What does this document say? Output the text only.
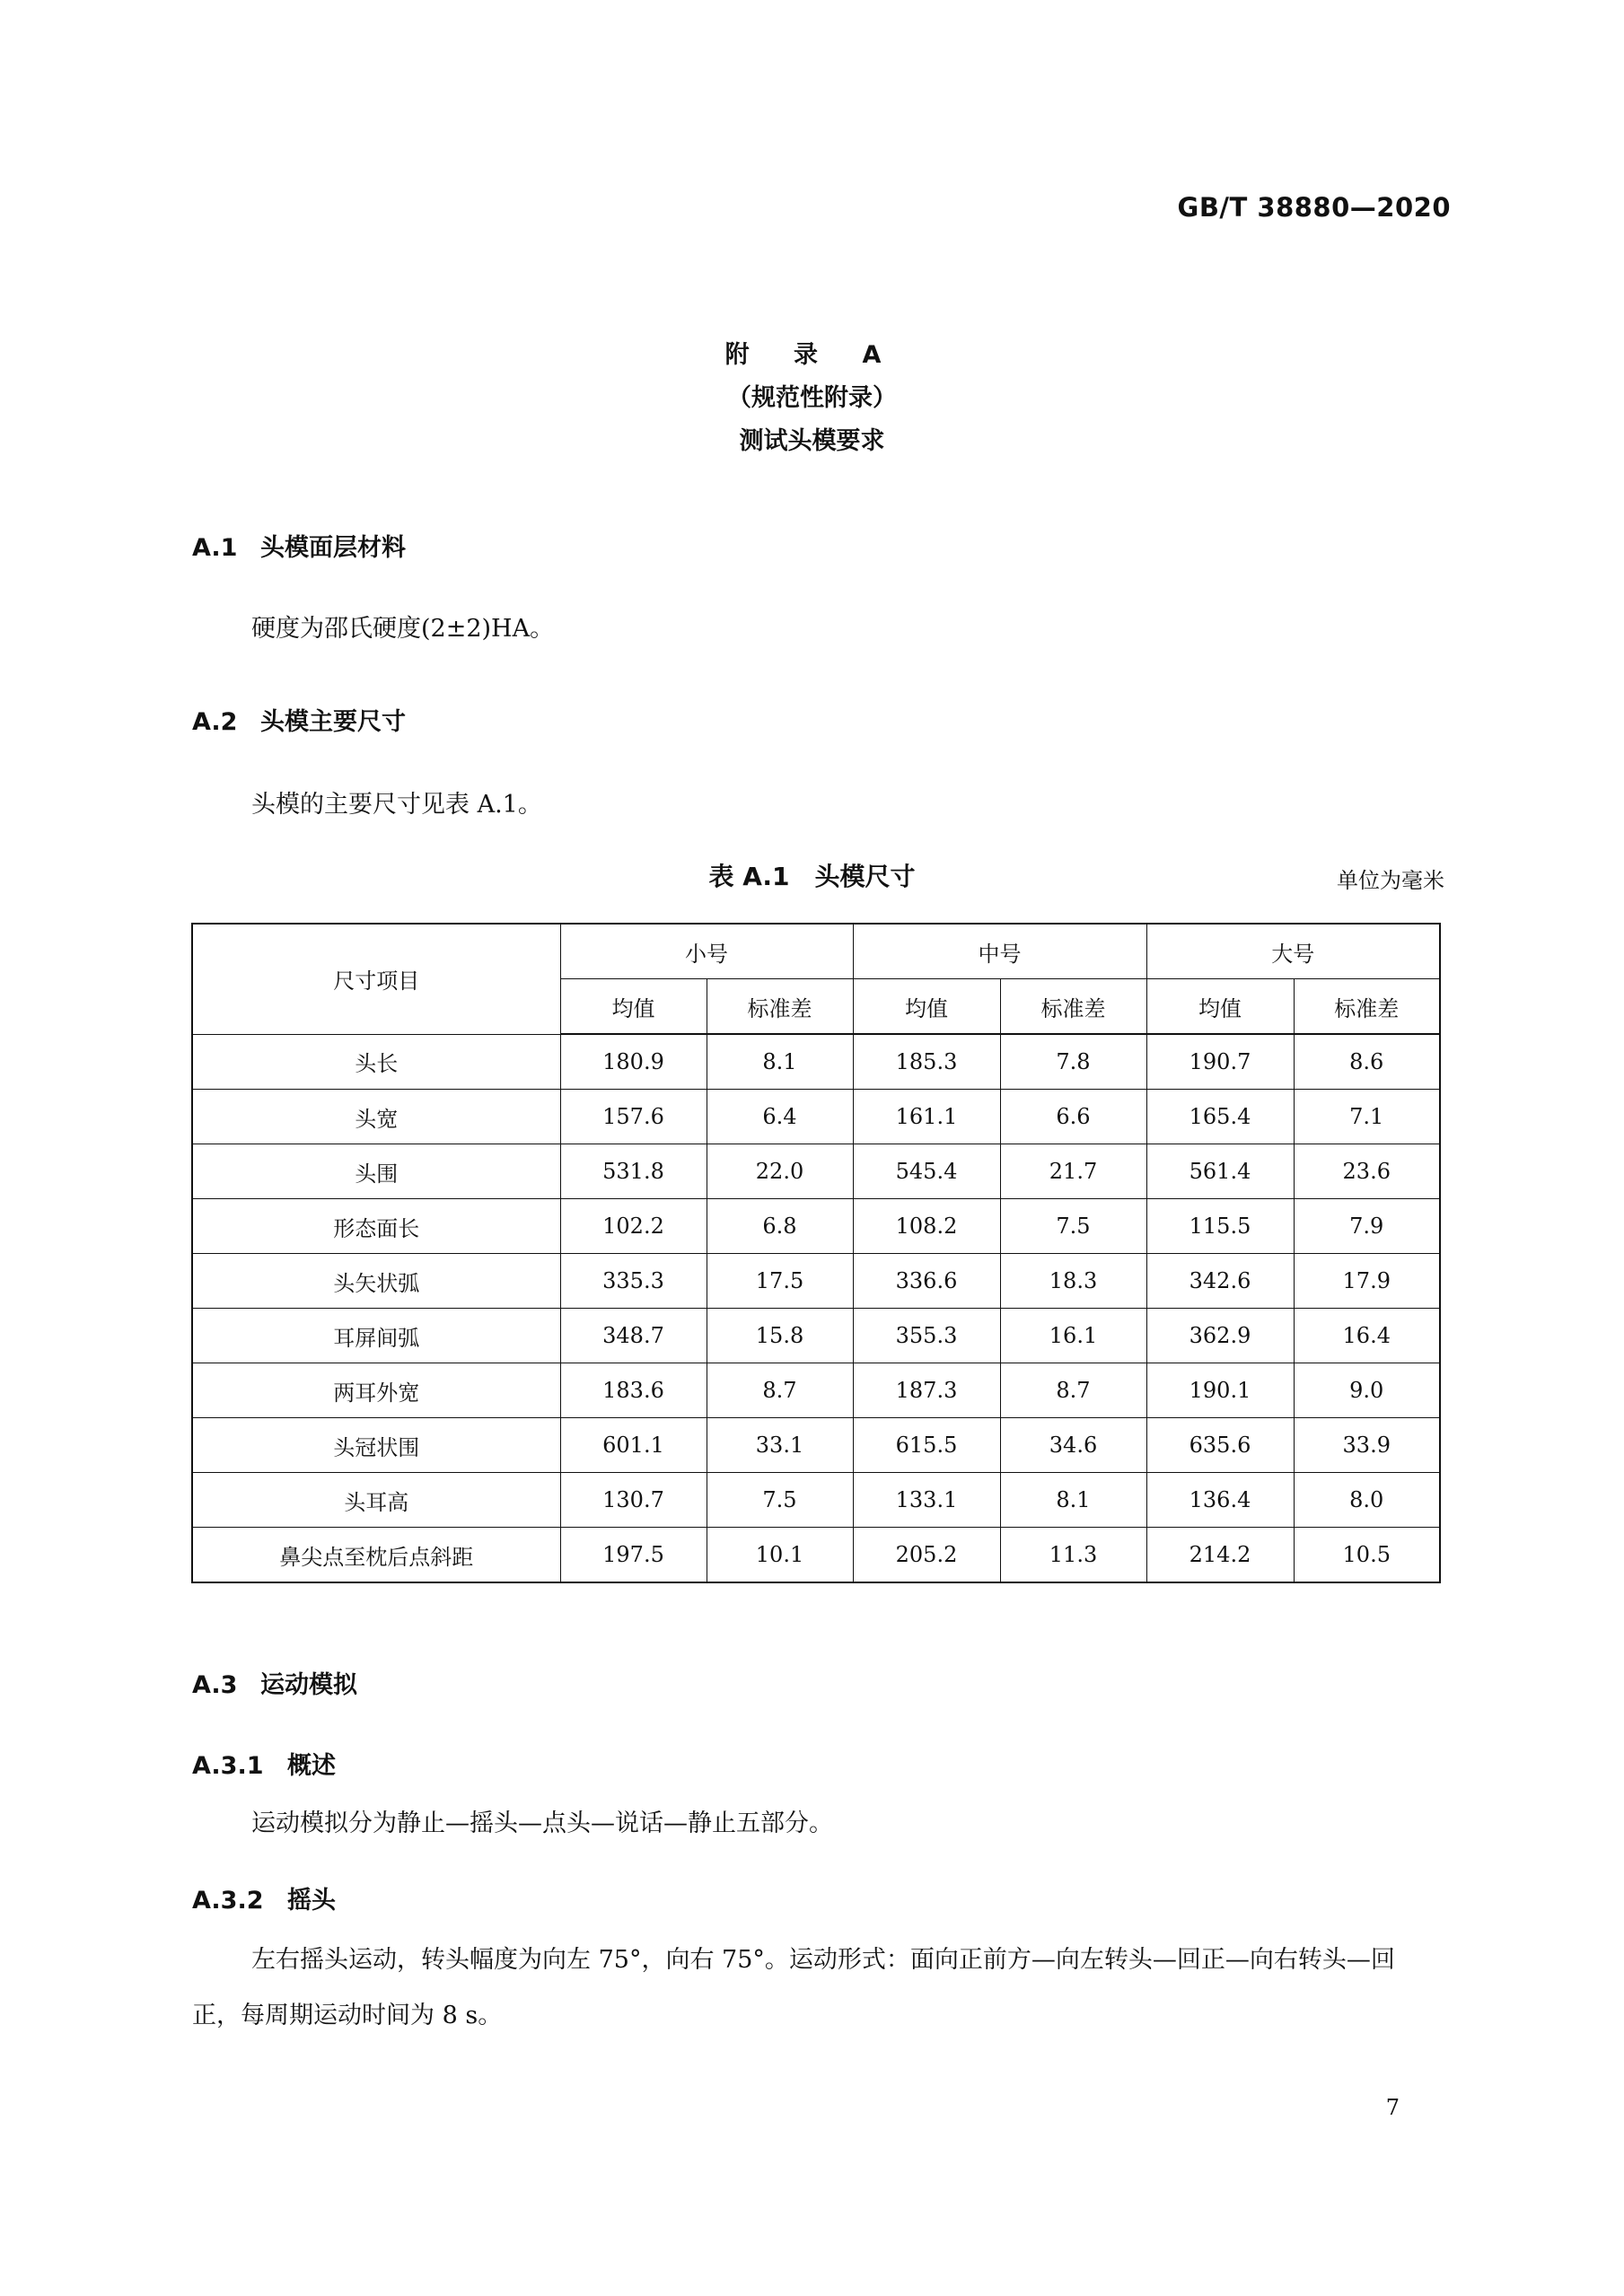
GB/T 38880—2020
附 录 A
（规范性附录）
测试头模要求
A.1 头模面层材料
硬度为邵氏硬度(2±2)HA。
A.2 头模主要尺寸
头模的主要尺寸见表 A.1。
表 A.1　头模尺寸	单位为毫米
尺寸项目	小号		中号		大号	
	均值	标准差	均值	标准差	均值	标准差
头长	180.9	8.1	185.3	7.8	190.7	8.6
头宽	157.6	6.4	161.1	6.6	165.4	7.1
头围	531.8	22.0	545.4	21.7	561.4	23.6
形态面长	102.2	6.8	108.2	7.5	115.5	7.9
头矢状弧	335.3	17.5	336.6	18.3	342.6	17.9
耳屏间弧	348.7	15.8	355.3	16.1	362.9	16.4
两耳外宽	183.6	8.7	187.3	8.7	190.1	9.0
头冠状围	601.1	33.1	615.5	34.6	635.6	33.9
头耳高	130.7	7.5	133.1	8.1	136.4	8.0
鼻尖点至枕后点斜距	197.5	10.1	205.2	11.3	214.2	10.5
A.3 运动模拟
A.3.1 概述
运动模拟分为静止—摇头—点头—说话—静止五部分。
A.3.2 摇头
左右摇头运动，转头幅度为向左 75°，向右 75°。运动形式：面向正前方—向左转头—回正—向右转头—回正，每周期运动时间为 8 s。
7
